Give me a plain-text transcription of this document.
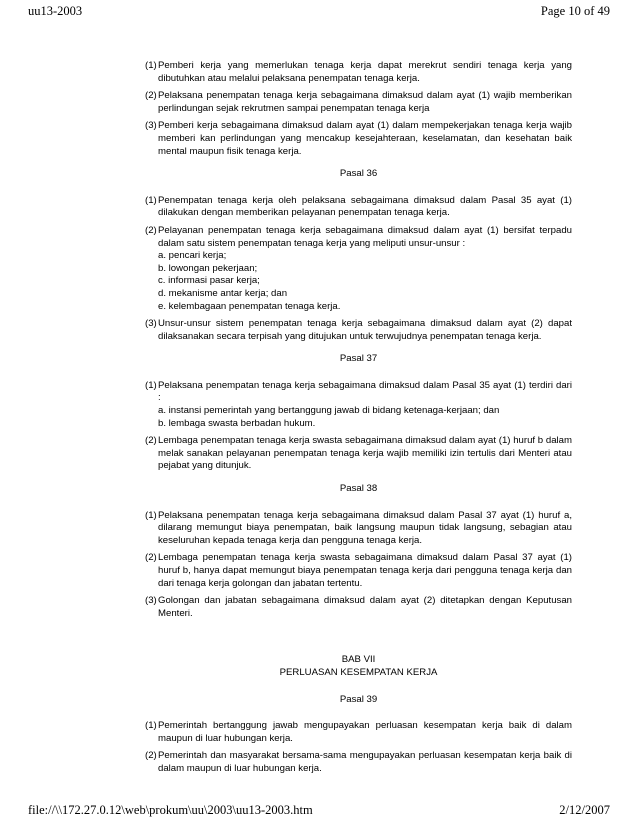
uu13-2003	Page 10 of 49
(1) Pemberi kerja yang memerlukan tenaga kerja dapat merekrut sendiri tenaga kerja yang dibutuhkan atau melalui pelaksana penempatan tenaga kerja.
(2) Pelaksana penempatan tenaga kerja sebagaimana dimaksud dalam ayat (1) wajib memberikan perlindungan sejak rekrutmen sampai penempatan tenaga kerja
(3) Pemberi kerja sebagaimana dimaksud dalam ayat (1) dalam mempekerjakan tenaga kerja wajib memberi kan perlindungan yang mencakup kesejahteraan, keselamatan, dan kesehatan baik mental maupun fisik tenaga kerja.
Pasal 36
(1) Penempatan tenaga kerja oleh pelaksana sebagaimana dimaksud dalam Pasal 35 ayat (1) dilakukan dengan memberikan pelayanan penempatan tenaga kerja.
(2) Pelayanan penempatan tenaga kerja sebagaimana dimaksud dalam ayat (1) bersifat terpadu dalam satu sistem penempatan tenaga kerja yang meliputi unsur-unsur :
a. pencari kerja;
b. lowongan pekerjaan;
c. informasi pasar kerja;
d. mekanisme antar kerja; dan
e. kelembagaan penempatan tenaga kerja.
(3) Unsur-unsur sistem penempatan tenaga kerja sebagaimana dimaksud dalam ayat (2) dapat dilaksanakan secara terpisah yang ditujukan untuk terwujudnya penempatan tenaga kerja.
Pasal 37
(1) Pelaksana penempatan tenaga kerja sebagaimana dimaksud dalam Pasal 35 ayat (1) terdiri dari :
a. instansi pemerintah yang bertanggung jawab di bidang ketenaga-kerjaan; dan
b. lembaga swasta berbadan hukum.
(2) Lembaga penempatan tenaga kerja swasta sebagaimana dimaksud dalam ayat (1) huruf b dalam melak sanakan pelayanan penempatan tenaga kerja wajib memiliki izin tertulis dari Menteri atau pejabat yang ditunjuk.
Pasal 38
(1) Pelaksana penempatan tenaga kerja sebagaimana dimaksud dalam Pasal 37 ayat (1) huruf a, dilarang memungut biaya penempatan, baik langsung maupun tidak langsung, sebagian atau keseluruhan kepada tenaga kerja dan pengguna tenaga kerja.
(2) Lembaga penempatan tenaga kerja swasta sebagaimana dimaksud dalam Pasal 37 ayat (1) huruf b, hanya dapat memungut biaya penempatan tenaga kerja dari pengguna tenaga kerja dan dari tenaga kerja golongan dan jabatan tertentu.
(3) Golongan dan jabatan sebagaimana dimaksud dalam ayat (2) ditetapkan dengan Keputusan Menteri.
BAB VII
PERLUASAN KESEMPATAN KERJA
Pasal 39
(1) Pemerintah bertanggung jawab mengupayakan perluasan kesempatan kerja baik di dalam maupun di luar hubungan kerja.
(2) Pemerintah dan masyarakat bersama-sama mengupayakan perluasan kesempatan kerja baik di dalam maupun di luar hubungan kerja.
file://\\172.27.0.12\web\prokum\uu\2003\uu13-2003.htm	2/12/2007
